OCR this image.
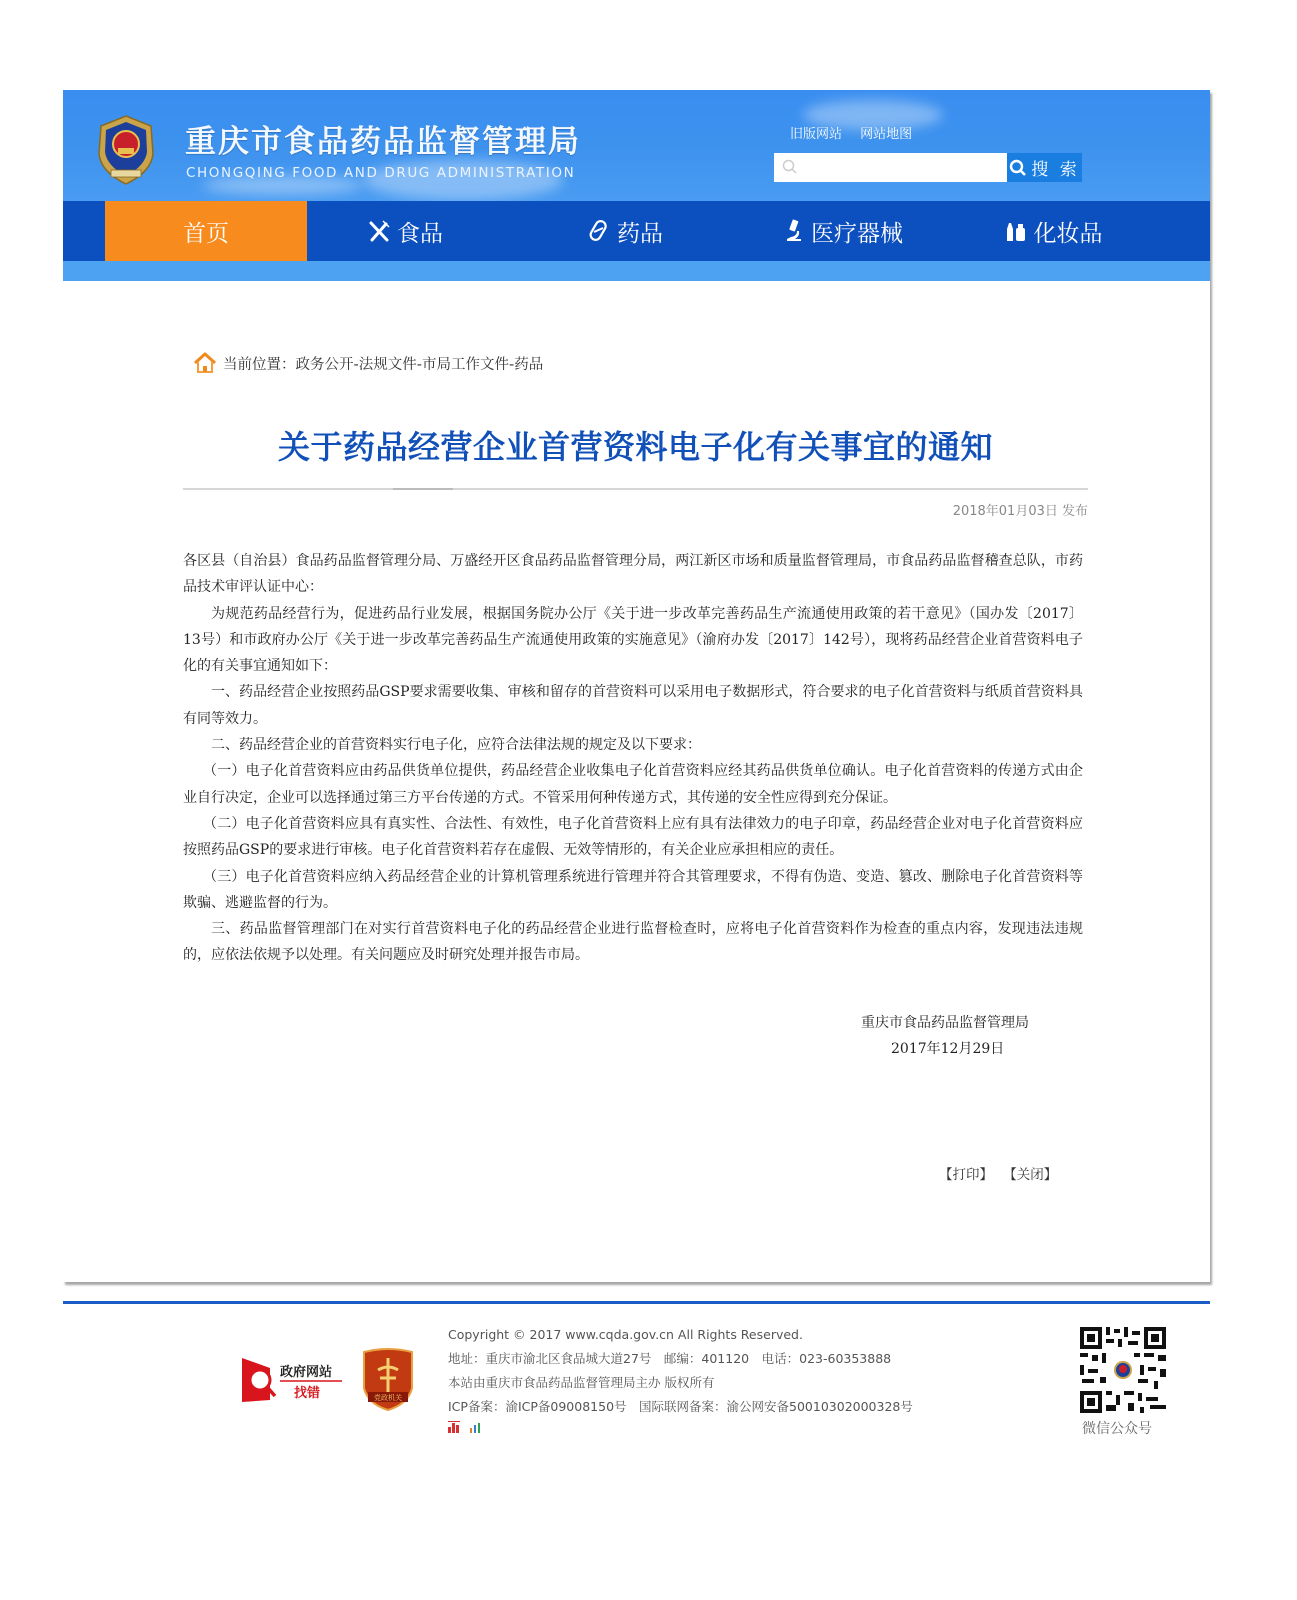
重庆市食品药品监督管理局
CHONGQING FOOD AND DRUG ADMINISTRATION
旧版网站 网站地图
搜 索
首页	食品	药品	医疗器械	化妆品
当前位置： 政务公开-法规文件-市局工作文件-药品
关于药品经营企业首营资料电子化有关事宜的通知
2018年01月03日 发布

各区县（自治县）食品药品监督管理分局、万盛经开区食品药品监督管理分局，两江新区市场和质量监督管理局，市食品药品监督稽查总队，市药品技术审评认证中心：

为规范药品经营行为，促进药品行业发展，根据国务院办公厅《关于进一步改革完善药品生产流通使用政策的若干意见》（国办发〔2017〕13号）和市政府办公厅《关于进一步改革完善药品生产流通使用政策的实施意见》（渝府办发〔2017〕142号），现将药品经营企业首营资料电子化的有关事宜通知如下：

一、药品经营企业按照药品GSP要求需要收集、审核和留存的首营资料可以采用电子数据形式，符合要求的电子化首营资料与纸质首营资料具有同等效力。

二、药品经营企业的首营资料实行电子化，应符合法律法规的规定及以下要求：

（一）电子化首营资料应由药品供货单位提供，药品经营企业收集电子化首营资料应经其药品供货单位确认。电子化首营资料的传递方式由企业自行决定，企业可以选择通过第三方平台传递的方式。不管采用何种传递方式，其传递的安全性应得到充分保证。

（二）电子化首营资料应具有真实性、合法性、有效性，电子化首营资料上应有具有法律效力的电子印章，药品经营企业对电子化首营资料应按照药品GSP的要求进行审核。电子化首营资料若存在虚假、无效等情形的，有关企业应承担相应的责任。

（三）电子化首营资料应纳入药品经营企业的计算机管理系统进行管理并符合其管理要求，不得有伪造、变造、篡改、删除电子化首营资料等欺骗、逃避监督的行为。

三、药品监督管理部门在对实行首营资料电子化的药品经营企业进行监督检查时，应将电子化首营资料作为检查的重点内容，发现违法违规的，应依法依规予以处理。有关问题应及时研究处理并报告市局。

重庆市食品药品监督管理局
2017年12月29日
【打印】 【关闭】
政府网站
找错	党政机关
Copyright © 2017 www.cqda.gov.cn All Rights Reserved.
地址：重庆市渝北区食品城大道27号　邮编：401120　电话：023-60353888
本站由重庆市食品药品监督管理局主办 版权所有
ICP备案：渝ICP备09008150号　国际联网备案：渝公网安备50010302000328号
微信公众号
